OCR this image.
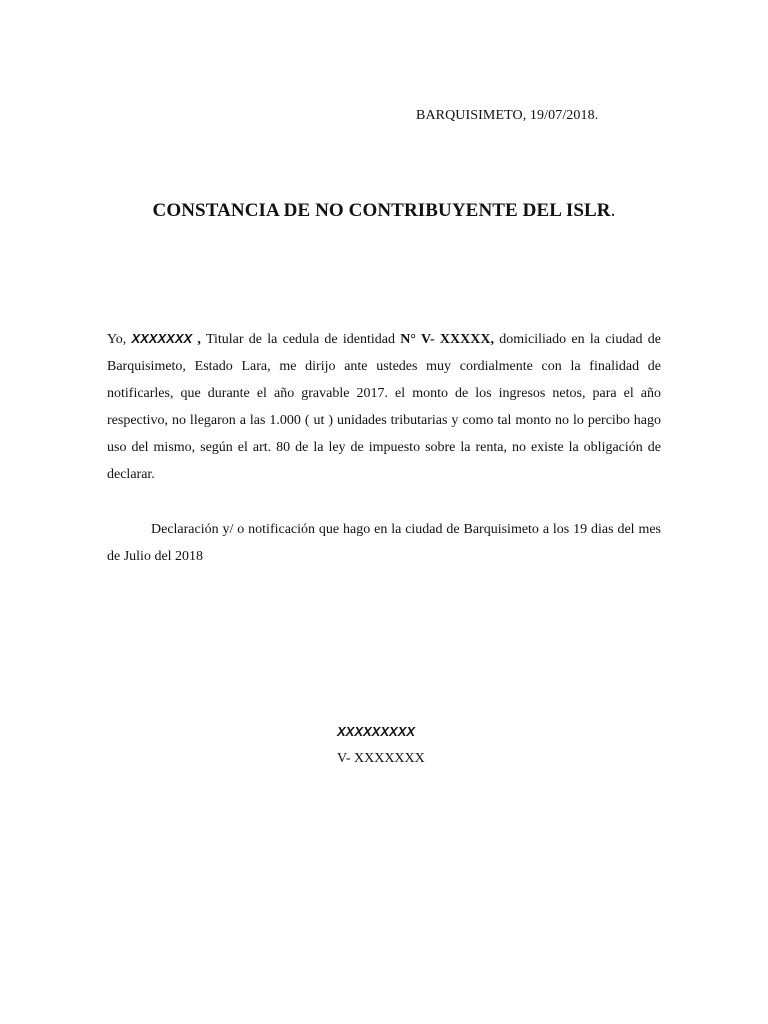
BARQUISIMETO, 19/07/2018.
CONSTANCIA DE NO CONTRIBUYENTE DEL ISLR.
Yo, XXXXXXX , Titular de la cedula de identidad N° V- XXXXX, domiciliado en la ciudad de Barquisimeto, Estado Lara, me dirijo ante ustedes muy cordialmente con la finalidad de notificarles, que durante el año gravable 2017. el monto de los ingresos netos, para el año respectivo, no llegaron a las 1.000 ( ut ) unidades tributarias y como tal monto no lo percibo hago uso del mismo, según el art. 80 de la ley de impuesto sobre la renta, no existe la obligación de declarar.
Declaración y/ o notificación que hago en la ciudad de Barquisimeto a los 19 dias del mes de Julio del 2018
XXXXXXXXX
V- XXXXXXX
